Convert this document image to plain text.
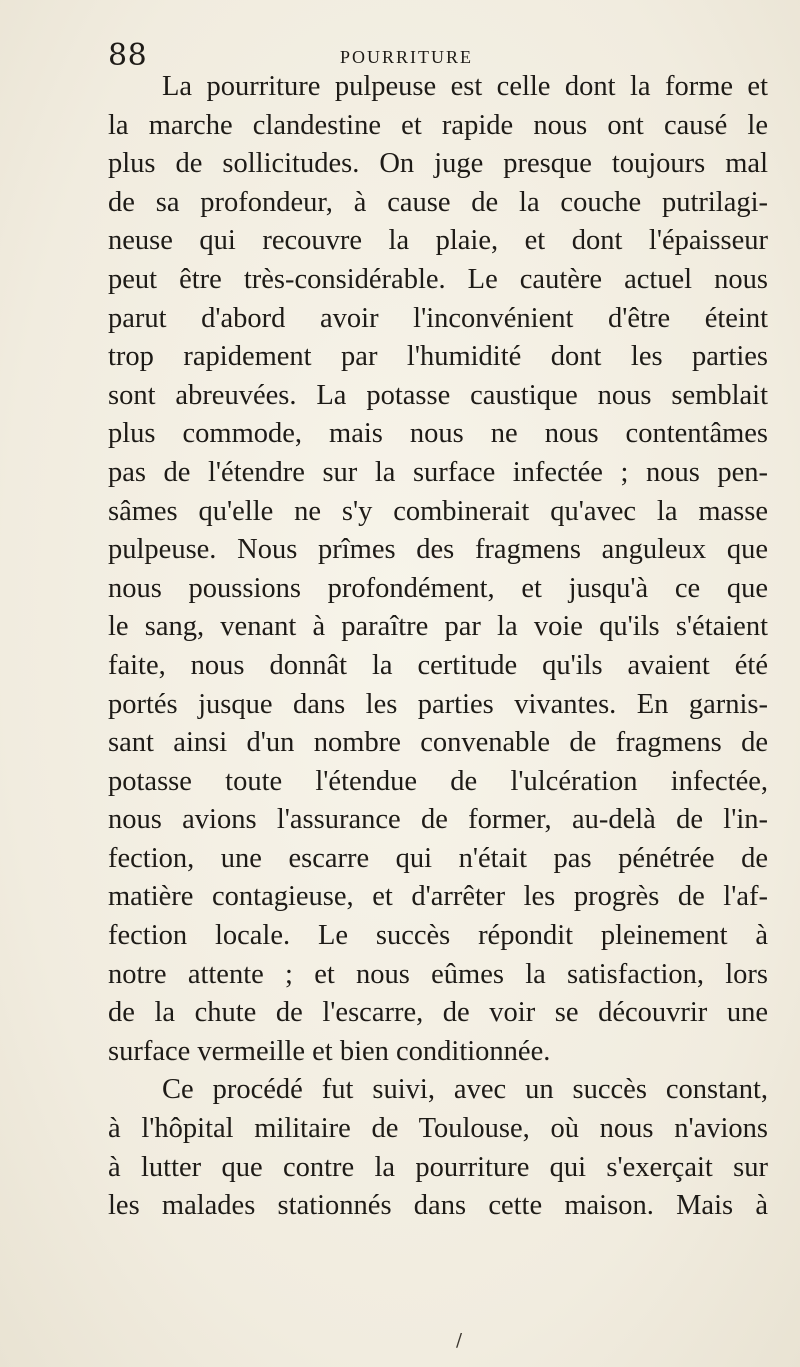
88	POURRITURE
La pourriture pulpeuse est celle dont la forme et
la marche clandestine et rapide nous ont causé le
plus de sollicitudes. On juge presque toujours mal
de sa profondeur, à cause de la couche putrilagi-
neuse qui recouvre la plaie, et dont l'épaisseur
peut être très-considérable. Le cautère actuel nous
parut d'abord avoir l'inconvénient d'être éteint
trop rapidement par l'humidité dont les parties
sont abreuvées. La potasse caustique nous semblait
plus commode, mais nous ne nous contentâmes
pas de l'étendre sur la surface infectée ; nous pen-
sâmes qu'elle ne s'y combinerait qu'avec la masse
pulpeuse. Nous prîmes des fragmens anguleux que
nous poussions profondément, et jusqu'à ce que
le sang, venant à paraître par la voie qu'ils s'étaient
faite, nous donnât la certitude qu'ils avaient été
portés jusque dans les parties vivantes. En garnis-
sant ainsi d'un nombre convenable de fragmens de
potasse toute l'étendue de l'ulcération infectée,
nous avions l'assurance de former, au-delà de l'in-
fection, une escarre qui n'était pas pénétrée de
matière contagieuse, et d'arrêter les progrès de l'af-
fection locale. Le succès répondit pleinement à
notre attente ; et nous eûmes la satisfaction, lors
de la chute de l'escarre, de voir se découvrir une
surface vermeille et bien conditionnée.
Ce procédé fut suivi, avec un succès constant,
à l'hôpital militaire de Toulouse, où nous n'avions
à lutter que contre la pourriture qui s'exerçait sur
les malades stationnés dans cette maison. Mais à
/
